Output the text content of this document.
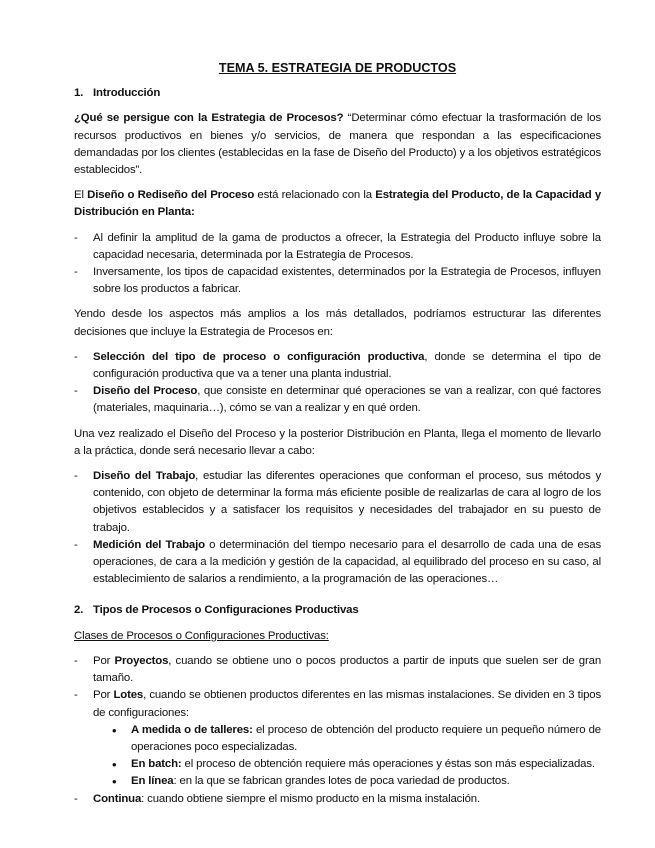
TEMA 5. ESTRATEGIA DE PRODUCTOS
1. Introducción

¿Qué se persigue con la Estrategia de Procesos? “Determinar cómo efectuar la trasformación de los recursos productivos en bienes y/o servicios, de manera que respondan a las especificaciones demandadas por los clientes (establecidas en la fase de Diseño del Producto) y a los objetivos estratégicos establecidos”.

El Diseño o Rediseño del Proceso está relacionado con la Estrategia del Producto, de la Capacidad y Distribución en Planta:

- Al definir la amplitud de la gama de productos a ofrecer, la Estrategia del Producto influye sobre la capacidad necesaria, determinada por la Estrategia de Procesos.
- Inversamente, los tipos de capacidad existentes, determinados por la Estrategia de Procesos, influyen sobre los productos a fabricar.

Yendo desde los aspectos más amplios a los más detallados, podríamos estructurar las diferentes decisiones que incluye la Estrategia de Procesos en:

- Selección del tipo de proceso o configuración productiva, donde se determina el tipo de configuración productiva que va a tener una planta industrial.
- Diseño del Proceso, que consiste en determinar qué operaciones se van a realizar, con qué factores (materiales, maquinaria…), cómo se van a realizar y en qué orden.

Una vez realizado el Diseño del Proceso y la posterior Distribución en Planta, llega el momento de llevarlo a la práctica, donde será necesario llevar a cabo:

- Diseño del Trabajo, estudiar las diferentes operaciones que conforman el proceso, sus métodos y contenido, con objeto de determinar la forma más eficiente posible de realizarlas de cara al logro de los objetivos establecidos y a satisfacer los requisitos y necesidades del trabajador en su puesto de trabajo.
- Medición del Trabajo o determinación del tiempo necesario para el desarrollo de cada una de esas operaciones, de cara a la medición y gestión de la capacidad, al equilibrado del proceso en su caso, al establecimiento de salarios a rendimiento, a la programación de las operaciones…
2. Tipos de Procesos o Configuraciones Productivas
Clases de Procesos o Configuraciones Productivas:
- Por Proyectos, cuando se obtiene uno o pocos productos a partir de inputs que suelen ser de gran tamaño.
- Por Lotes, cuando se obtienen productos diferentes en las mismas instalaciones. Se dividen en 3 tipos de configuraciones:
• A medida o de talleres: el proceso de obtención del producto requiere un pequeño número de operaciones poco especializadas.
• En batch: el proceso de obtención requiere más operaciones y éstas son más especializadas.
• En línea: en la que se fabrican grandes lotes de poca variedad de productos.
- Continua: cuando obtiene siempre el mismo producto en la misma instalación.
